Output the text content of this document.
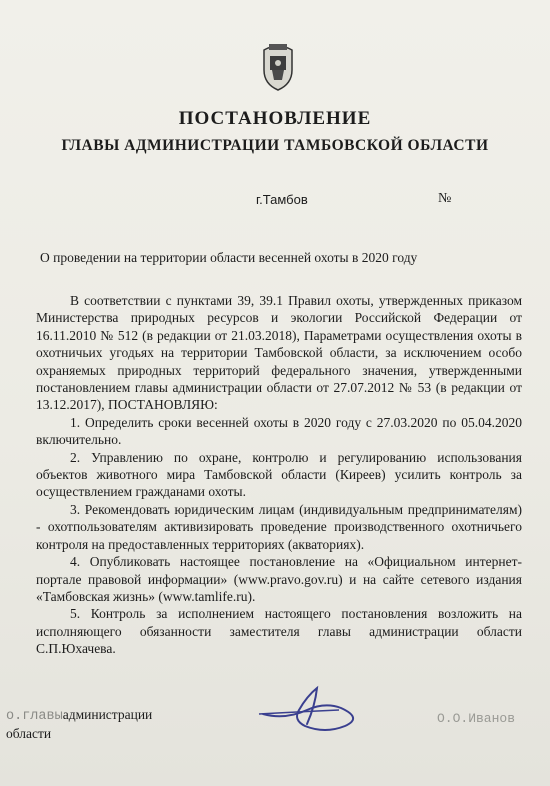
ПОСТАНОВЛЕНИЕ
ГЛАВЫ АДМИНИСТРАЦИИ ТАМБОВСКОЙ ОБЛАСТИ
г.Тамбов	№
О проведении на территории области весенней охоты в 2020 году

В соответствии с пунктами 39, 39.1 Правил охоты, утвержденных приказом Министерства природных ресурсов и экологии Российской Федерации от 16.11.2010 № 512 (в редакции от 21.03.2018), Параметрами осуществления охоты в охотничьих угодьях на территории Тамбовской области, за исключением особо охраняемых природных территорий федерального значения, утвержденными постановлением главы администрации области от 27.07.2012 № 53 (в редакции от 13.12.2017), ПОСТАНОВЛЯЮ:

1. Определить сроки весенней охоты в 2020 году с 27.03.2020 по 05.04.2020 включительно.

2. Управлению по охране, контролю и регулированию использования объектов животного мира Тамбовской области (Киреев) усилить контроль за осуществлением гражданами охоты.

3. Рекомендовать юридическим лицам (индивидуальным предпринимателям) - охотпользователям активизировать проведение производственного охотничьего контроля на предоставленных территориях (акваториях).

4. Опубликовать настоящее постановление на «Официальном интернет-портале правовой информации» (www.pravo.gov.ru) и на сайте сетевого издания «Тамбовская жизнь» (www.tamlife.ru).

5. Контроль за исполнением настоящего постановления возложить на исполняющего обязанности заместителя главы администрации области С.П.Юхачева.

о.главыадминистрации
области
О.О.Иванов
